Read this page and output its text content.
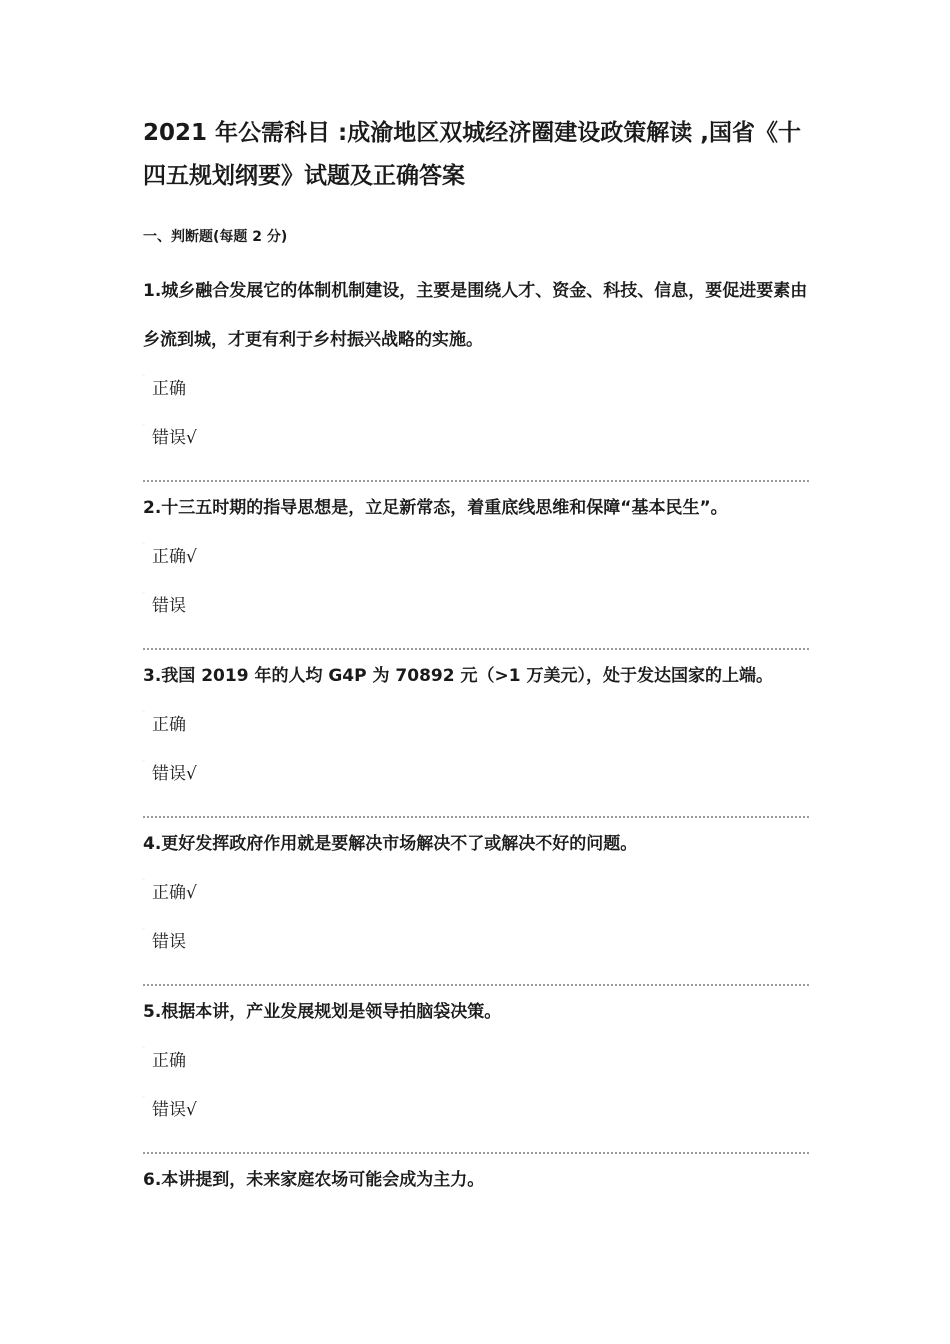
2021 年公需科目 :成渝地区双城经济圈建设政策解读 ,国省《十四五规划纲要》试题及正确答案

一、判断题(每题 2 分)

1.城乡融合发展它的体制机制建设，主要是围绕人才、资金、科技、信息，要促进要素由乡流到城，才更有利于乡村振兴战略的实施。

·
正确

·
错误√

2.十三五时期的指导思想是，立足新常态，着重底线思维和保障“基本民生”。

·
正确√

·
错误

3.我国 2019 年的人均 G4P 为 70892 元（>1 万美元），处于发达国家的上端。

·
正确

·
错误√

4.更好发挥政府作用就是要解决市场解决不了或解决不好的问题。

·
正确√

·
错误

5.根据本讲，产业发展规划是领导拍脑袋决策。

·
正确

·
错误√

6.本讲提到，未来家庭农场可能会成为主力。
